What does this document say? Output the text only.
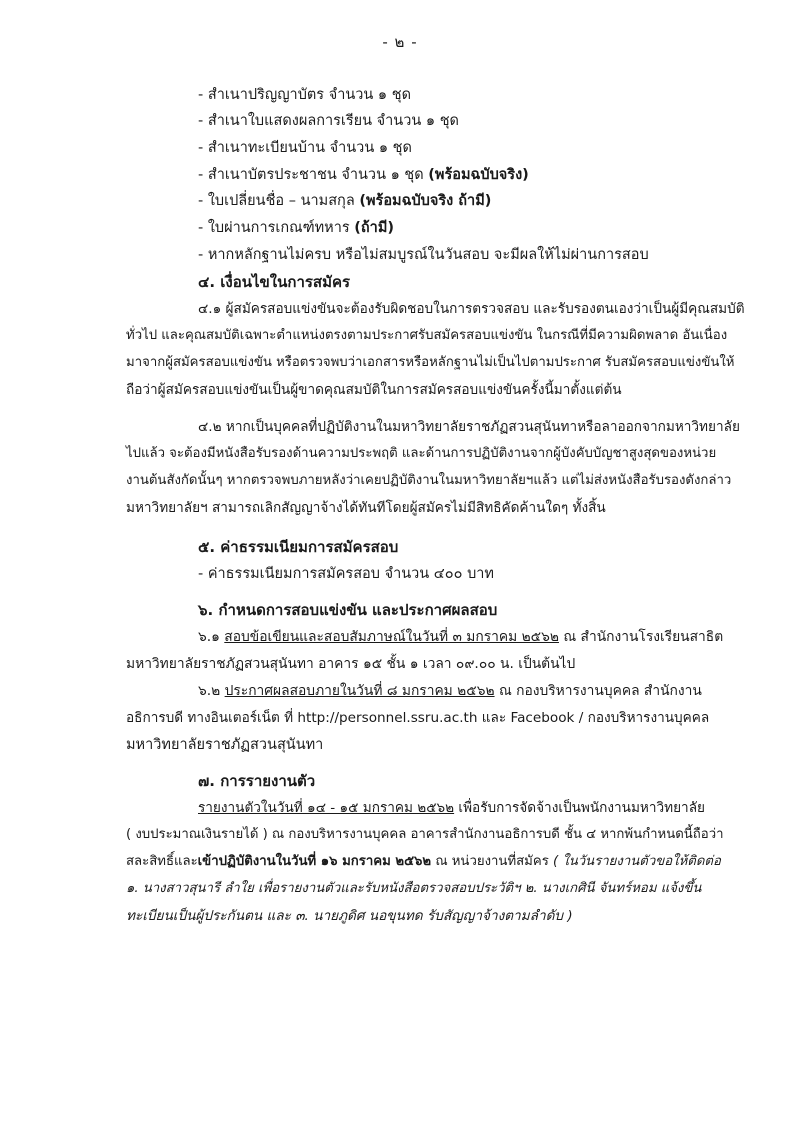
- ๒ -
- สำเนาปริญญาบัตร จำนวน ๑ ชุด
- สำเนาใบแสดงผลการเรียน จำนวน ๑ ชุด
- สำเนาทะเบียนบ้าน จำนวน ๑ ชุด
- สำเนาบัตรประชาชน จำนวน ๑ ชุด (พร้อมฉบับจริง)
- ใบเปลี่ยนชื่อ – นามสกุล (พร้อมฉบับจริง ถ้ามี)
- ใบผ่านการเกณฑ์ทหาร (ถ้ามี)
- หากหลักฐานไม่ครบ หรือไม่สมบูรณ์ในวันสอบ จะมีผลให้ไม่ผ่านการสอบ
๔. เงื่อนไขในการสมัคร
๔.๑ ผู้สมัครสอบแข่งขันจะต้องรับผิดชอบในการตรวจสอบ และรับรองตนเองว่าเป็นผู้มีคุณสมบัติ
ทั่วไป และคุณสมบัติเฉพาะตำแหน่งตรงตามประกาศรับสมัครสอบแข่งขัน ในกรณีที่มีความผิดพลาด อันเนื่อง
มาจากผู้สมัครสอบแข่งขัน หรือตรวจพบว่าเอกสารหรือหลักฐานไม่เป็นไปตามประกาศ รับสมัครสอบแข่งขันให้
ถือว่าผู้สมัครสอบแข่งขันเป็นผู้ขาดคุณสมบัติในการสมัครสอบแข่งขันครั้งนี้มาตั้งแต่ต้น
๔.๒ หากเป็นบุคคลที่ปฏิบัติงานในมหาวิทยาลัยราชภัฏสวนสุนันทาหรือลาออกจากมหาวิทยาลัย
ไปแล้ว จะต้องมีหนังสือรับรองด้านความประพฤติ และด้านการปฏิบัติงานจากผู้บังคับบัญชาสูงสุดของหน่วย
งานต้นสังกัดนั้นๆ หากตรวจพบภายหลังว่าเคยปฏิบัติงานในมหาวิทยาลัยฯแล้ว แต่ไม่ส่งหนังสือรับรองดังกล่าว
มหาวิทยาลัยฯ สามารถเลิกสัญญาจ้างได้ทันทีโดยผู้สมัครไม่มีสิทธิคัดค้านใดๆ ทั้งสิ้น
๕. ค่าธรรมเนียมการสมัครสอบ
- ค่าธรรมเนียมการสมัครสอบ จำนวน ๔๐๐ บาท
๖. กำหนดการสอบแข่งขัน และประกาศผลสอบ
๖.๑ สอบข้อเขียนและสอบสัมภาษณ์ในวันที่ ๓ มกราคม ๒๕๖๒ ณ สำนักงานโรงเรียนสาธิต
มหาวิทยาลัยราชภัฏสวนสุนันทา อาคาร ๑๕ ชั้น ๑ เวลา ๐๙.๐๐ น. เป็นต้นไป
๖.๒ ประกาศผลสอบภายในวันที่ ๘ มกราคม ๒๕๖๒ ณ กองบริหารงานบุคคล สำนักงาน
อธิการบดี ทางอินเตอร์เน็ต ที่ http://personnel.ssru.ac.th และ Facebook / กองบริหารงานบุคคล
มหาวิทยาลัยราชภัฏสวนสุนันทา
๗. การรายงานตัว
รายงานตัวในวันที่ ๑๔ - ๑๕ มกราคม ๒๕๖๒ เพื่อรับการจัดจ้างเป็นพนักงานมหาวิทยาลัย
( งบประมาณเงินรายได้ ) ณ กองบริหารงานบุคคล อาคารสำนักงานอธิการบดี ชั้น ๔ หากพ้นกำหนดนี้ถือว่า
สละสิทธิ์และเข้าปฏิบัติงานในวันที่ ๑๖ มกราคม ๒๕๖๒ ณ หน่วยงานที่สมัคร ( ในวันรายงานตัวขอให้ติดต่อ
๑. นางสาวสุนารี ลำใย เพื่อรายงานตัวและรับหนังสือตรวจสอบประวัติฯ ๒. นางเกศินี จันทร์หอม แจ้งขึ้น
ทะเบียนเป็นผู้ประกันตน และ ๓. นายภูดิศ นอขุนทด รับสัญญาจ้างตามลำดับ )
